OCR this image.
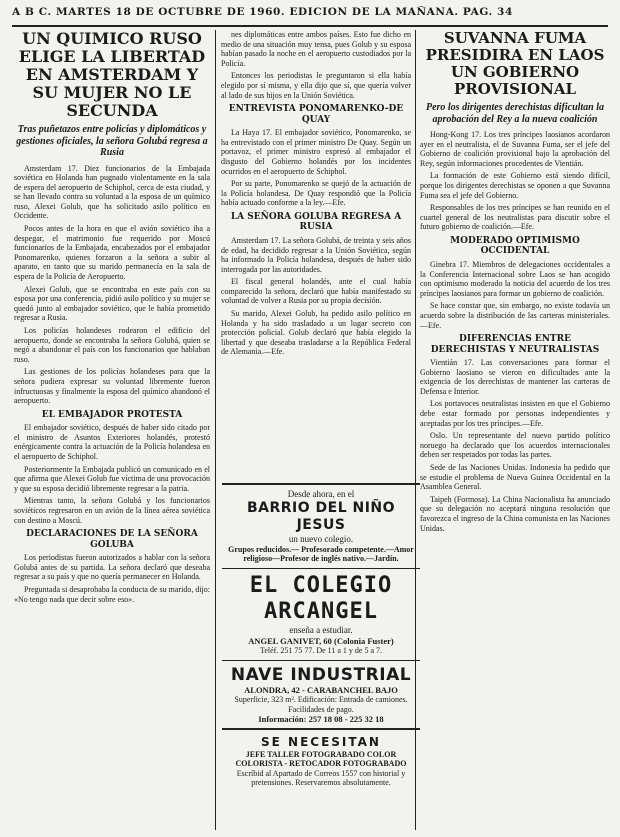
A B C. MARTES 18 DE OCTUBRE DE 1960. EDICION DE LA MAÑANA. PAG. 34
UN QUIMICO RUSO ELIGE LA LIBERTAD EN AMSTERDAM Y SU MUJER NO LE SECUNDA
Tras puñetazos entre policías y diplomáticos y gestiones oficiales, la señora Golubá regresa a Rusia

Amsterdam 17. Diez funcionarios de la Embajada soviética en Holanda han pugnado violentamente en la sala de espera del aeropuerto de Schiphol, cerca de esta ciudad, y se han llevado contra su voluntad a la esposa de un químico ruso, Alexei Golub, que ha solicitado asilo político en Occidente.

Pocos antes de la hora en que el avión soviético iba a despegar, el matrimonio fue requerido por Moscú funcionarios de la Embajada, encabezados por el embajador Ponomarenko, quienes forzaron a la señora a subir al aparato, en tanto que su marido permanecía en la sala de espera de la Policía de Aeropuerto.

Alexei Golub, que se encontraba en este país con su esposa por una conferencia, pidió asilo político y su mujer se quedó junto al embajador soviético, que le había prometido regresar a Rusia.

Los policías holandeses rodearon el edificio del aeropuerto, donde se encontraba la señora Golubá, quien se negó a abandonar el país con los funcionarios que hablaban ruso.

Las gestiones de los policías holandeses para que la señora pudiera expresar su voluntad libremente fueron infructuosas y finalmente la esposa del químico abandonó el aeropuerto.

EL EMBAJADOR PROTESTA

El embajador soviético, después de haber sido citado por el ministro de Asuntos Exteriores holandés, protestó enérgicamente contra la actuación de la Policía holandesa en el aeropuerto de Schiphol.

Posteriormente la Embajada publicó un comunicado en el que afirma que Alexei Golub fue víctima de una provocación y que su esposa decidió libremente regresar a la patria.

Mientras tanto, la señora Golubá y los funcionarios soviéticos regresaron en un avión de la línea aérea soviética con destino a Moscú.

DECLARACIONES DE LA SEÑORA GOLUBA

Los periodistas fueron autorizados a hablar con la señora Golubá antes de su partida. La señora declaró que deseaba regresar a su país y que no quería permanecer en Holanda.

Preguntada si desaprobaba la conducta de su marido, dijo: «No tengo nada que decir sobre eso».

nes diplomáticas entre ambos países. Esto fue dicho en medio de una situación muy tensa, pues Golub y su esposa habían pasado la noche en el aeropuerto custodiados por la Policía.

Entonces los periodistas le preguntaron si ella había elegido por sí misma, y ella dijo que sí, que quería volver al lado de sus hijos en la Unión Soviética.

ENTREVISTA PONOMARENKO-DE QUAY

La Haya 17. El embajador soviético, Ponomarenko, se ha entrevistado con el primer ministro De Quay. Según un portavoz, el primer ministro expresó al embajador el disgusto del Gobierno holandés por los incidentes ocurridos en el aeropuerto de Schiphol.

Por su parte, Ponomarenko se quejó de la actuación de la Policía holandesa. De Quay respondió que la Policía había actuado conforme a la ley.—Efe.

LA SEÑORA GOLUBA REGRESA A RUSIA

Amsterdam 17. La señora Golubá, de treinta y seis años de edad, ha decidido regresar a la Unión Soviética, según ha informado la Policía holandesa, después de haber sido interrogada por las autoridades.

El fiscal general holandés, ante el cual había comparecido la señora, declaró que había manifestado su voluntad de volver a Rusia por su propia decisión.

Su marido, Alexei Golub, ha pedido asilo político en Holanda y ha sido trasladado a un lugar secreto con protección policial. Golub declaró que había elegido la libertad y que deseaba trasladarse a la República Federal de Alemania.—Efe.

Desde ahora, en el

BARRIO DEL NIÑO JESUS

un nuevo colegio.

Grupos reducidos.— Profesorado competente.—Amor religioso—Profesor de inglés nativo.—Jardín.

EL COLEGIO

ARCANGEL

enseña a estudiar.

ANGEL GANIVET, 60 (Colonia Fuster)

Teléf. 251 75 77. De 11 a 1 y de 5 a 7.

NAVE INDUSTRIAL

ALONDRA, 42 - CARABANCHEL BAJO

Superficie, 323 m². Edificación: Entrada de camiones. Facilidades de pago.

Información: 257 18 08 - 225 32 18

SE NECESITAN

JEFE TALLER FOTOGRABADO COLOR COLORISTA - RETOCADOR FOTOGRABADO

Escríbid al Apartado de Correos 1557 con historial y pretensiones. Reservaremos absolutamente.

SUVANNA FUMA PRESIDIRA EN LAOS UN GOBIERNO PROVISIONAL
Pero los dirigentes derechistas dificultan la aprobación del Rey a la nueva coalición

Hong-Kong 17. Los tres príncipes laosianos acordaron ayer en el neutralista, el de Suvanna Fuma, ser el jefe del Gobierno de coalición provisional bajo la aprobación del Rey, según informaciones procedentes de Vientián.

La formación de este Gobierno está siendo difícil, porque los dirigentes derechistas se oponen a que Suvanna Fuma sea el jefe del Gobierno.

Responsables de los tres príncipes se han reunido en el cuartel general de los neutralistas para discutir sobre el futuro gobierno de coalición.—Efe.

MODERADO OPTIMISMO OCCIDENTAL

Ginebra 17. Miembros de delegaciones occidentales a la Conferencia Internacional sobre Laos se han acogido con optimismo moderado la noticia del acuerdo de los tres príncipes laosianos para formar un gobierno de coalición.

Se hace constar que, sin embargo, no existe todavía un acuerdo sobre la distribución de las carteras ministeriales.—Efe.

DIFERENCIAS ENTRE DERECHISTAS Y NEUTRALISTAS

Vientián 17. Las conversaciones para formar el Gobierno laosiano se vieron en dificultades ante la exigencia de los derechistas de mantener las carteras de Defensa e Interior.

Los portavoces neutralistas insisten en que el Gobierno debe estar formado por personas independientes y aceptadas por los tres príncipes.—Efe.

Oslo. Un representante del nuevo partido político noruego ha declarado que los acuerdos internacionales deben ser respetados por todas las partes.

Sede de las Naciones Unidas. Indonesia ha pedido que se estudie el problema de Nueva Guinea Occidental en la Asamblea General.

Taipeh (Formosa). La China Nacionalista ha anunciado que su delegación no aceptará ninguna resolución que favorezca el ingreso de la China comunista en las Naciones Unidas.
